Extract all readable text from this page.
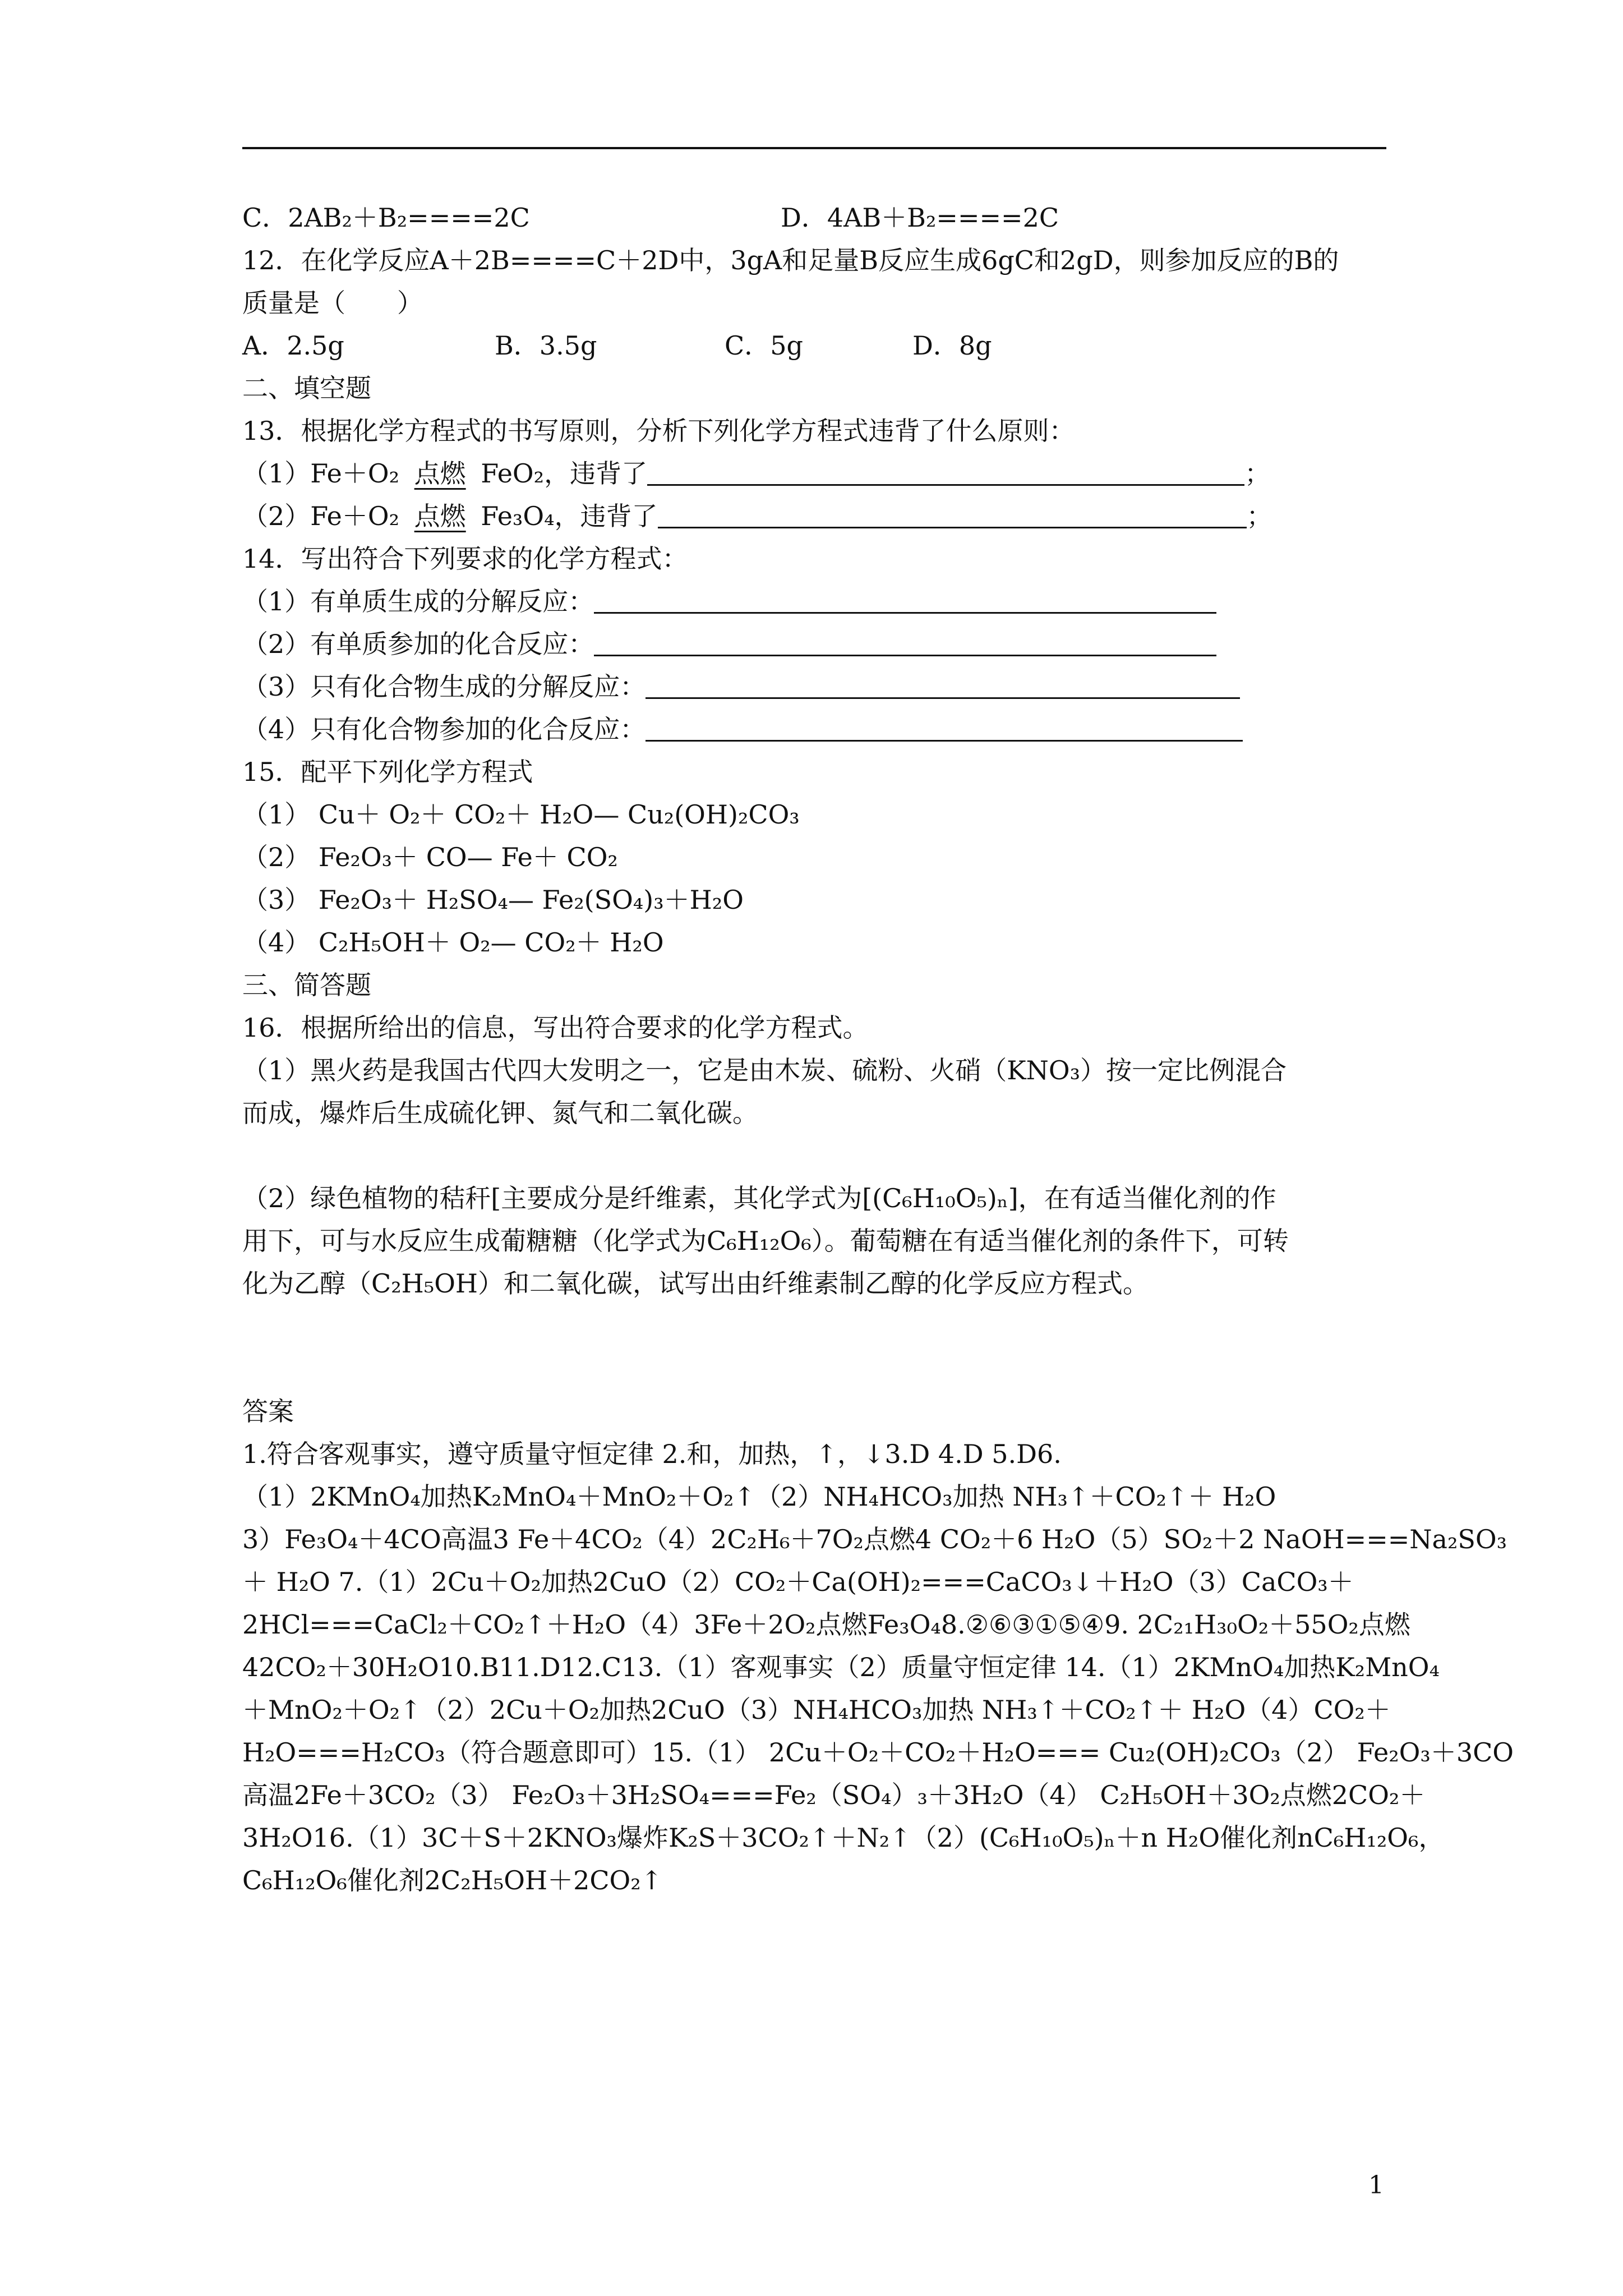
C．2AB₂＋B₂====2C	D．4AB＋B₂====2C
12．在化学反应A＋2B====C＋2D中，3gA和足量B反应生成6gC和2gD，则参加反应的B的
质量是（　　）
A．2.5g	B．3.5g	C．5g	D．8g
二、填空题
13．根据化学方程式的书写原则，分析下列化学方程式违背了什么原则：
（1）Fe＋O₂ 点燃 FeO₂，违背了	；
（2）Fe＋O₂ 点燃 Fe₃O₄，违背了	；
14．写出符合下列要求的化学方程式：
（1）有单质生成的分解反应：
（2）有单质参加的化合反应：
（3）只有化合物生成的分解反应：
（4）只有化合物参加的化合反应：
15．配平下列化学方程式
（1） Cu＋ O₂＋ CO₂＋ H₂O— Cu₂(OH)₂CO₃
（2） Fe₂O₃＋ CO— Fe＋ CO₂
（3） Fe₂O₃＋ H₂SO₄— Fe₂(SO₄)₃＋H₂O
（4） C₂H₅OH＋ O₂— CO₂＋ H₂O
三、简答题
16．根据所给出的信息，写出符合要求的化学方程式。
（1）黑火药是我国古代四大发明之一，它是由木炭、硫粉、火硝（KNO₃）按一定比例混合
而成，爆炸后生成硫化钾、氮气和二氧化碳。
（2）绿色植物的秸秆[主要成分是纤维素，其化学式为[(C₆H₁₀O₅)ₙ]，在有适当催化剂的作
用下，可与水反应生成葡糖糖（化学式为C₆H₁₂O₆）。葡萄糖在有适当催化剂的条件下，可转
化为乙醇（C₂H₅OH）和二氧化碳，试写出由纤维素制乙醇的化学反应方程式。
答案
1.符合客观事实，遵守质量守恒定律 2.和，加热，↑，↓3.D 4.D 5.D6.
（1）2KMnO₄加热K₂MnO₄＋MnO₂＋O₂↑（2）NH₄HCO₃加热 NH₃↑＋CO₂↑＋ H₂O
3）Fe₃O₄＋4CO高温3 Fe＋4CO₂（4）2C₂H₆＋7O₂点燃4 CO₂＋6 H₂O（5）SO₂＋2 NaOH===Na₂SO₃
＋ H₂O 7.（1）2Cu＋O₂加热2CuO（2）CO₂＋Ca(OH)₂===CaCO₃↓＋H₂O（3）CaCO₃＋
2HCl===CaCl₂＋CO₂↑＋H₂O（4）3Fe＋2O₂点燃Fe₃O₄8.②⑥③①⑤④9. 2C₂₁H₃₀O₂＋55O₂点燃
42CO₂＋30H₂O10.B11.D12.C13.（1）客观事实（2）质量守恒定律 14.（1）2KMnO₄加热K₂MnO₄
＋MnO₂＋O₂↑（2）2Cu＋O₂加热2CuO（3）NH₄HCO₃加热 NH₃↑＋CO₂↑＋ H₂O（4）CO₂＋
H₂O===H₂CO₃（符合题意即可）15.（1） 2Cu＋O₂＋CO₂＋H₂O=== Cu₂(OH)₂CO₃（2） Fe₂O₃＋3CO
高温2Fe＋3CO₂（3） Fe₂O₃＋3H₂SO₄===Fe₂（SO₄）₃＋3H₂O（4） C₂H₅OH＋3O₂点燃2CO₂＋
3H₂O16.（1）3C＋S＋2KNO₃爆炸K₂S＋3CO₂↑＋N₂↑（2）(C₆H₁₀O₅)ₙ＋n H₂O催化剂nC₆H₁₂O₆，
C₆H₁₂O₆催化剂2C₂H₅OH＋2CO₂↑
1
